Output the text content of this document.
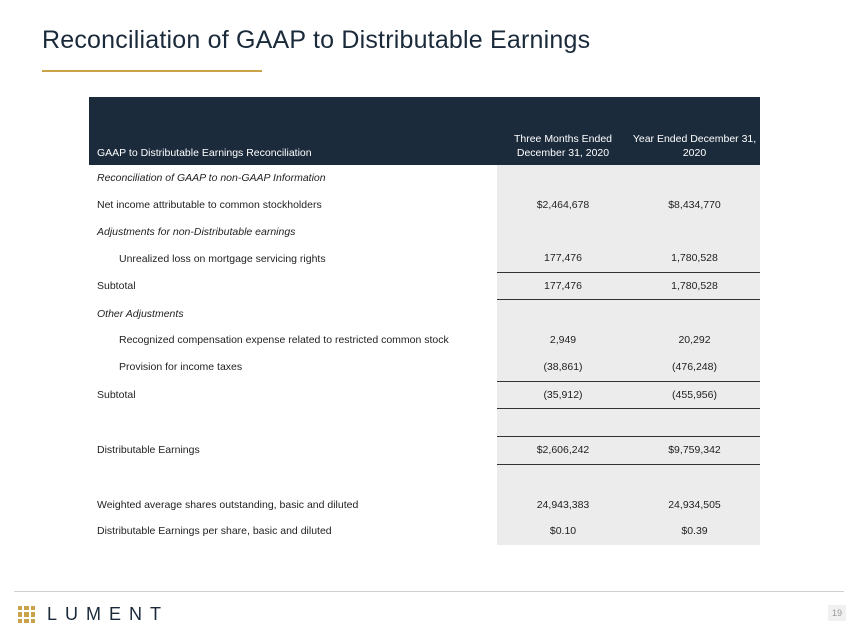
Reconciliation of GAAP to Distributable Earnings
GAAP to Distributable Earnings Reconciliation	Three Months Ended December 31, 2020	Year Ended December 31, 2020
Reconciliation of GAAP to non-GAAP Information		
Net income attributable to common stockholders	$2,464,678	$8,434,770
Adjustments for non-Distributable earnings		
Unrealized loss on mortgage servicing rights	177,476	1,780,528
Subtotal	177,476	1,780,528
Other Adjustments		
Recognized compensation expense related to restricted common stock	2,949	20,292
Provision for income taxes	(38,861)	(476,248)
Subtotal	(35,912)	(455,956)

Distributable Earnings	$2,606,242	$9,759,342

Weighted average shares outstanding, basic and diluted	24,943,383	24,934,505
Distributable Earnings per share, basic and diluted	$0.10	$0.39
LUMENT	19
